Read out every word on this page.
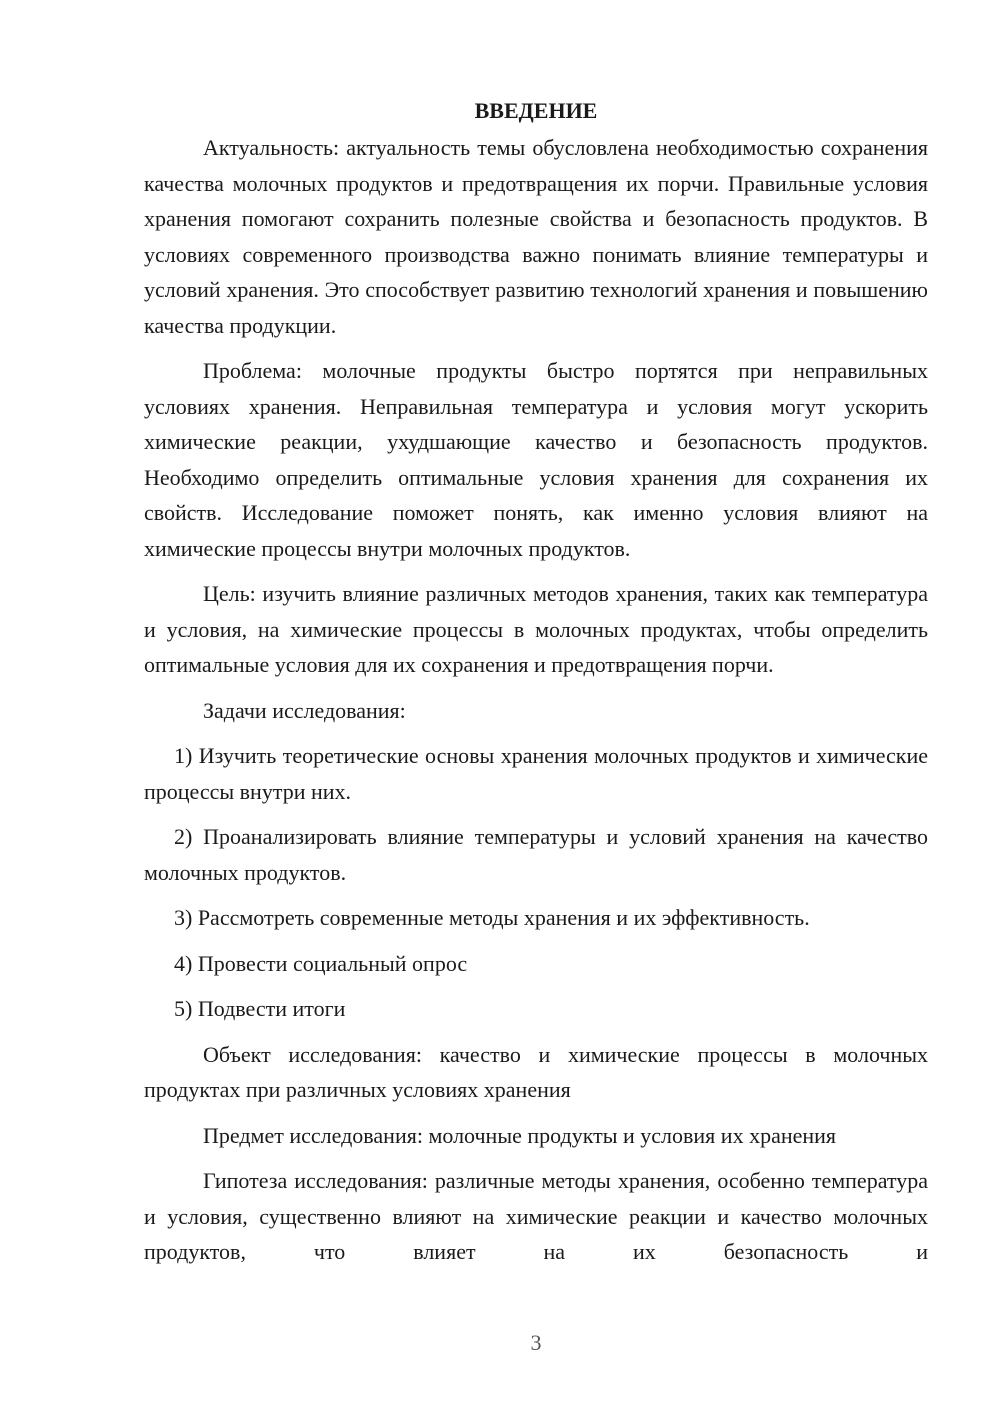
ВВЕДЕНИЕ

Актуальность: актуальность темы обусловлена необходимостью сохранения качества молочных продуктов и предотвращения их порчи. Правильные условия хранения помогают сохранить полезные свойства и безопасность продуктов. В условиях современного производства важно понимать влияние температуры и условий хранения. Это способствует развитию технологий хранения и повышению качества продукции.

Проблема: молочные продукты быстро портятся при неправильных условиях хранения. Неправильная температура и условия могут ускорить химические реакции, ухудшающие качество и безопасность продуктов. Необходимо определить оптимальные условия хранения для сохранения их свойств. Исследование поможет понять, как именно условия влияют на химические процессы внутри молочных продуктов.

Цель: изучить влияние различных методов хранения, таких как температура и условия, на химические процессы в молочных продуктах, чтобы определить оптимальные условия для их сохранения и предотвращения порчи.

Задачи исследования:

1) Изучить теоретические основы хранения молочных продуктов и химические процессы внутри них.

2) Проанализировать влияние температуры и условий хранения на качество молочных продуктов.

3) Рассмотреть современные методы хранения и их эффективность.

4) Провести социальный опрос

5) Подвести итоги

Объект исследования: качество и химические процессы в молочных продуктах при различных условиях хранения

Предмет исследования: молочные продукты и условия их хранения

Гипотеза исследования: различные методы хранения, особенно температура и условия, существенно влияют на химические реакции и качество молочных продуктов, что влияет на их безопасность и

3
